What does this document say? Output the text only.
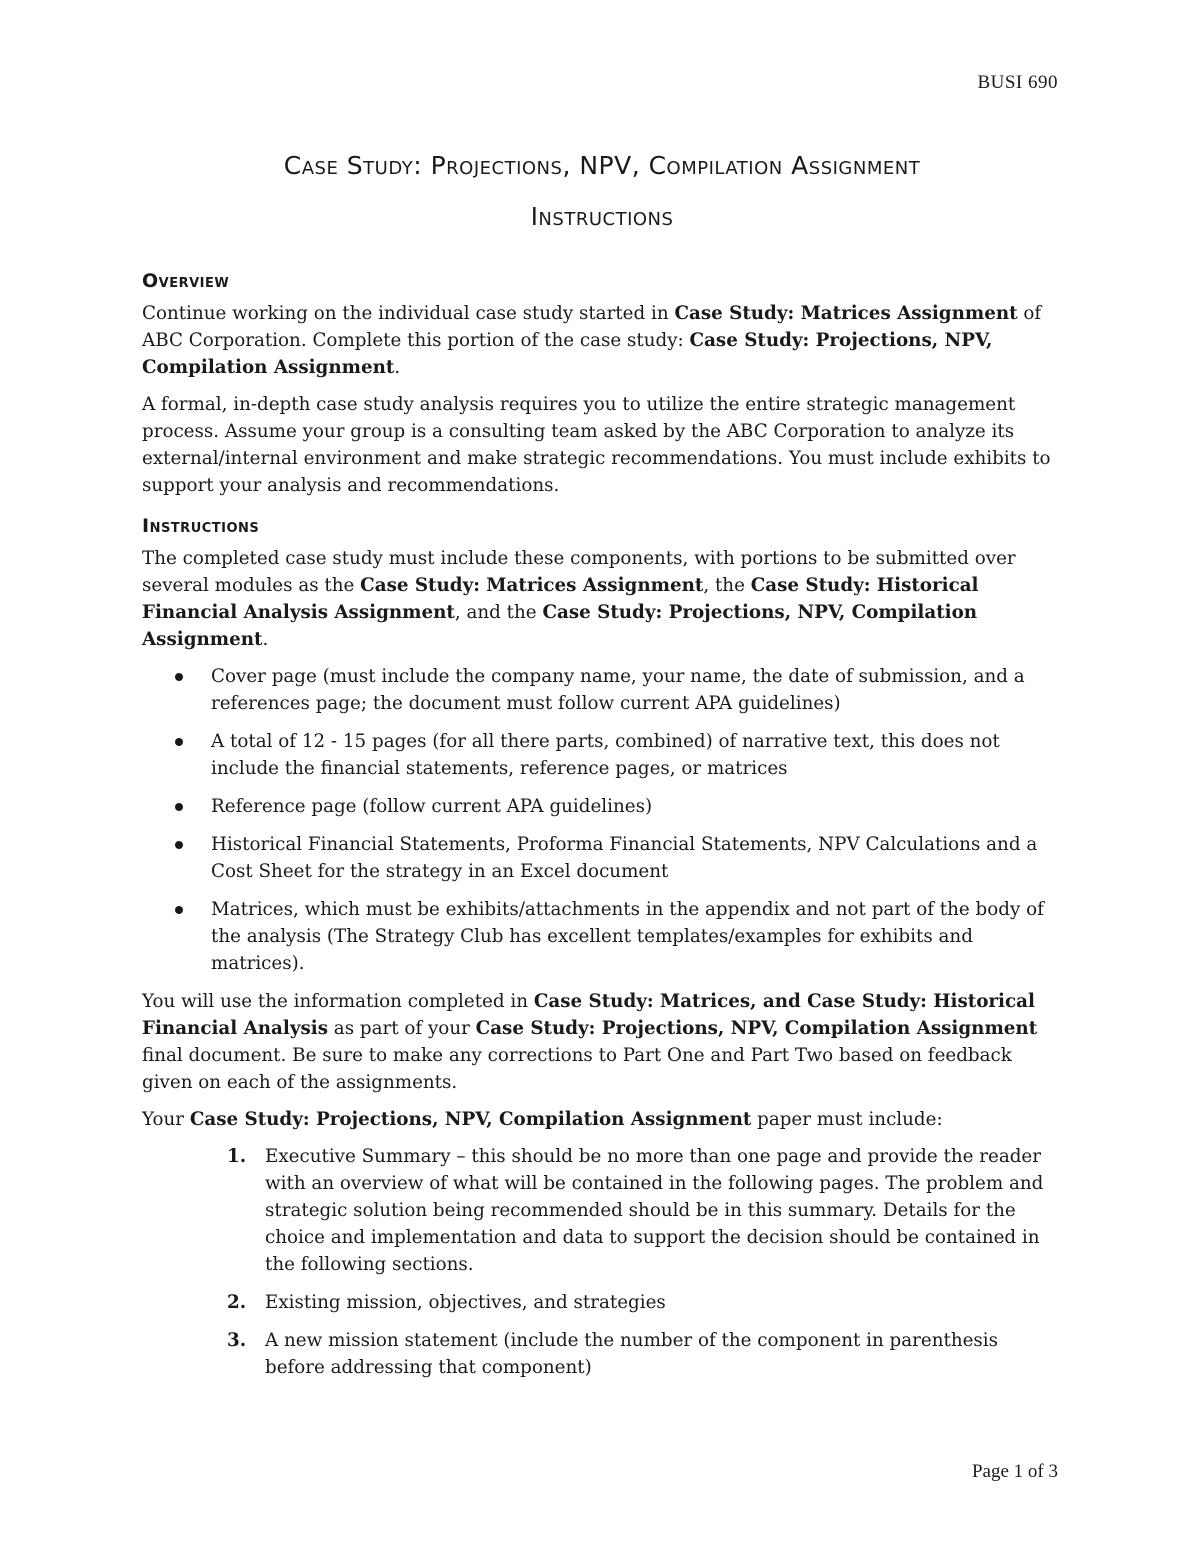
BUSI 690
Case Study: Projections, NPV, Compilation Assignment
Instructions
Overview

Continue working on the individual case study started in Case Study: Matrices Assignment of ABC Corporation. Complete this portion of the case study: Case Study: Projections, NPV, Compilation Assignment.

A formal, in-depth case study analysis requires you to utilize the entire strategic management process. Assume your group is a consulting team asked by the ABC Corporation to analyze its external/internal environment and make strategic recommendations. You must include exhibits to support your analysis and recommendations.

Instructions

The completed case study must include these components, with portions to be submitted over several modules as the Case Study: Matrices Assignment, the Case Study: Historical Financial Analysis Assignment, and the Case Study: Projections, NPV, Compilation Assignment.

Cover page (must include the company name, your name, the date of submission, and a references page; the document must follow current APA guidelines)
A total of 12 - 15 pages (for all there parts, combined) of narrative text, this does not include the financial statements, reference pages, or matrices
Reference page (follow current APA guidelines)
Historical Financial Statements, Proforma Financial Statements, NPV Calculations and a Cost Sheet for the strategy in an Excel document
Matrices, which must be exhibits/attachments in the appendix and not part of the body of the analysis (The Strategy Club has excellent templates/examples for exhibits and matrices).

You will use the information completed in Case Study: Matrices, and Case Study: Historical Financial Analysis as part of your Case Study: Projections, NPV, Compilation Assignment final document. Be sure to make any corrections to Part One and Part Two based on feedback given on each of the assignments.

Your Case Study: Projections, NPV, Compilation Assignment paper must include:

1. Executive Summary – this should be no more than one page and provide the reader with an overview of what will be contained in the following pages. The problem and strategic solution being recommended should be in this summary. Details for the choice and implementation and data to support the decision should be contained in the following sections.
2. Existing mission, objectives, and strategies
3. A new mission statement (include the number of the component in parenthesis before addressing that component)
Page 1 of 3
